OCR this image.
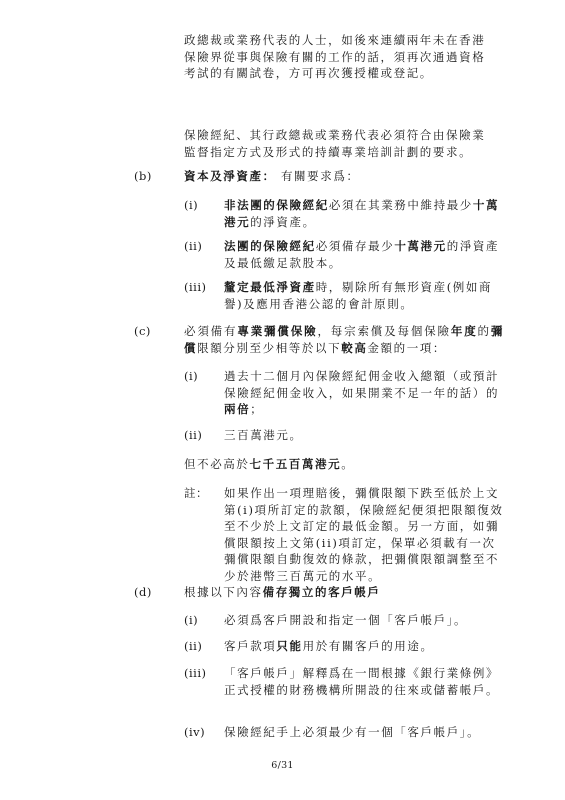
政總裁或業務代表的人士，如後來連續兩年未在香港

保險界從事與保險有關的工作的話，須再次通過資格

考試的有關試卷，方可再次獲授權或登記。

保險經紀、其行政總裁或業務代表必須符合由保險業

監督指定方式及形式的持續專業培訓計劃的要求。

(b)	資本及淨資產： 有關要求爲：
(i) 非法團的保險經紀必須在其業務中維持最少十萬港元的淨資產。
(ii) 法團的保險經紀必須備存最少十萬港元的淨資產及最低繳足款股本。
(iii) 釐定最低淨資產時，剔除所有無形資産(例如商譽)及應用香港公認的會計原則。
(c)	必須備有專業彌償保險，每宗索償及每個保險年度的彌償限額分別至少相等於以下較高金額的一項：
(i) 過去十二個月內保險經紀佣金收入總額（或預計保險經紀佣金收入，如果開業不足一年的話）的兩倍；
(ii) 三百萬港元。
但不必高於七千五百萬港元。
註： 如果作出一項理賠後，彌償限額下跌至低於上文第(i)項所訂定的款額，保險經紀便須把限額復效至不少於上文訂定的最低金額。另一方面，如彌償限額按上文第(ii)項訂定，保單必須載有一次彌償限額自動復效的條款，把彌償限額調整至不少於港幣三百萬元的水平。
(d)	根據以下內容備存獨立的客戶帳戶
(i) 必須爲客戶開設和指定一個「客戶帳戶」。
(ii) 客戶款項只能用於有關客戶的用途。
(iii) 「客戶帳戶」解釋爲在一間根據《銀行業條例》正式授權的財務機構所開設的往來或儲蓄帳戶。
(iv) 保險經紀手上必須最少有一個「客戶帳戶」。
6/31
